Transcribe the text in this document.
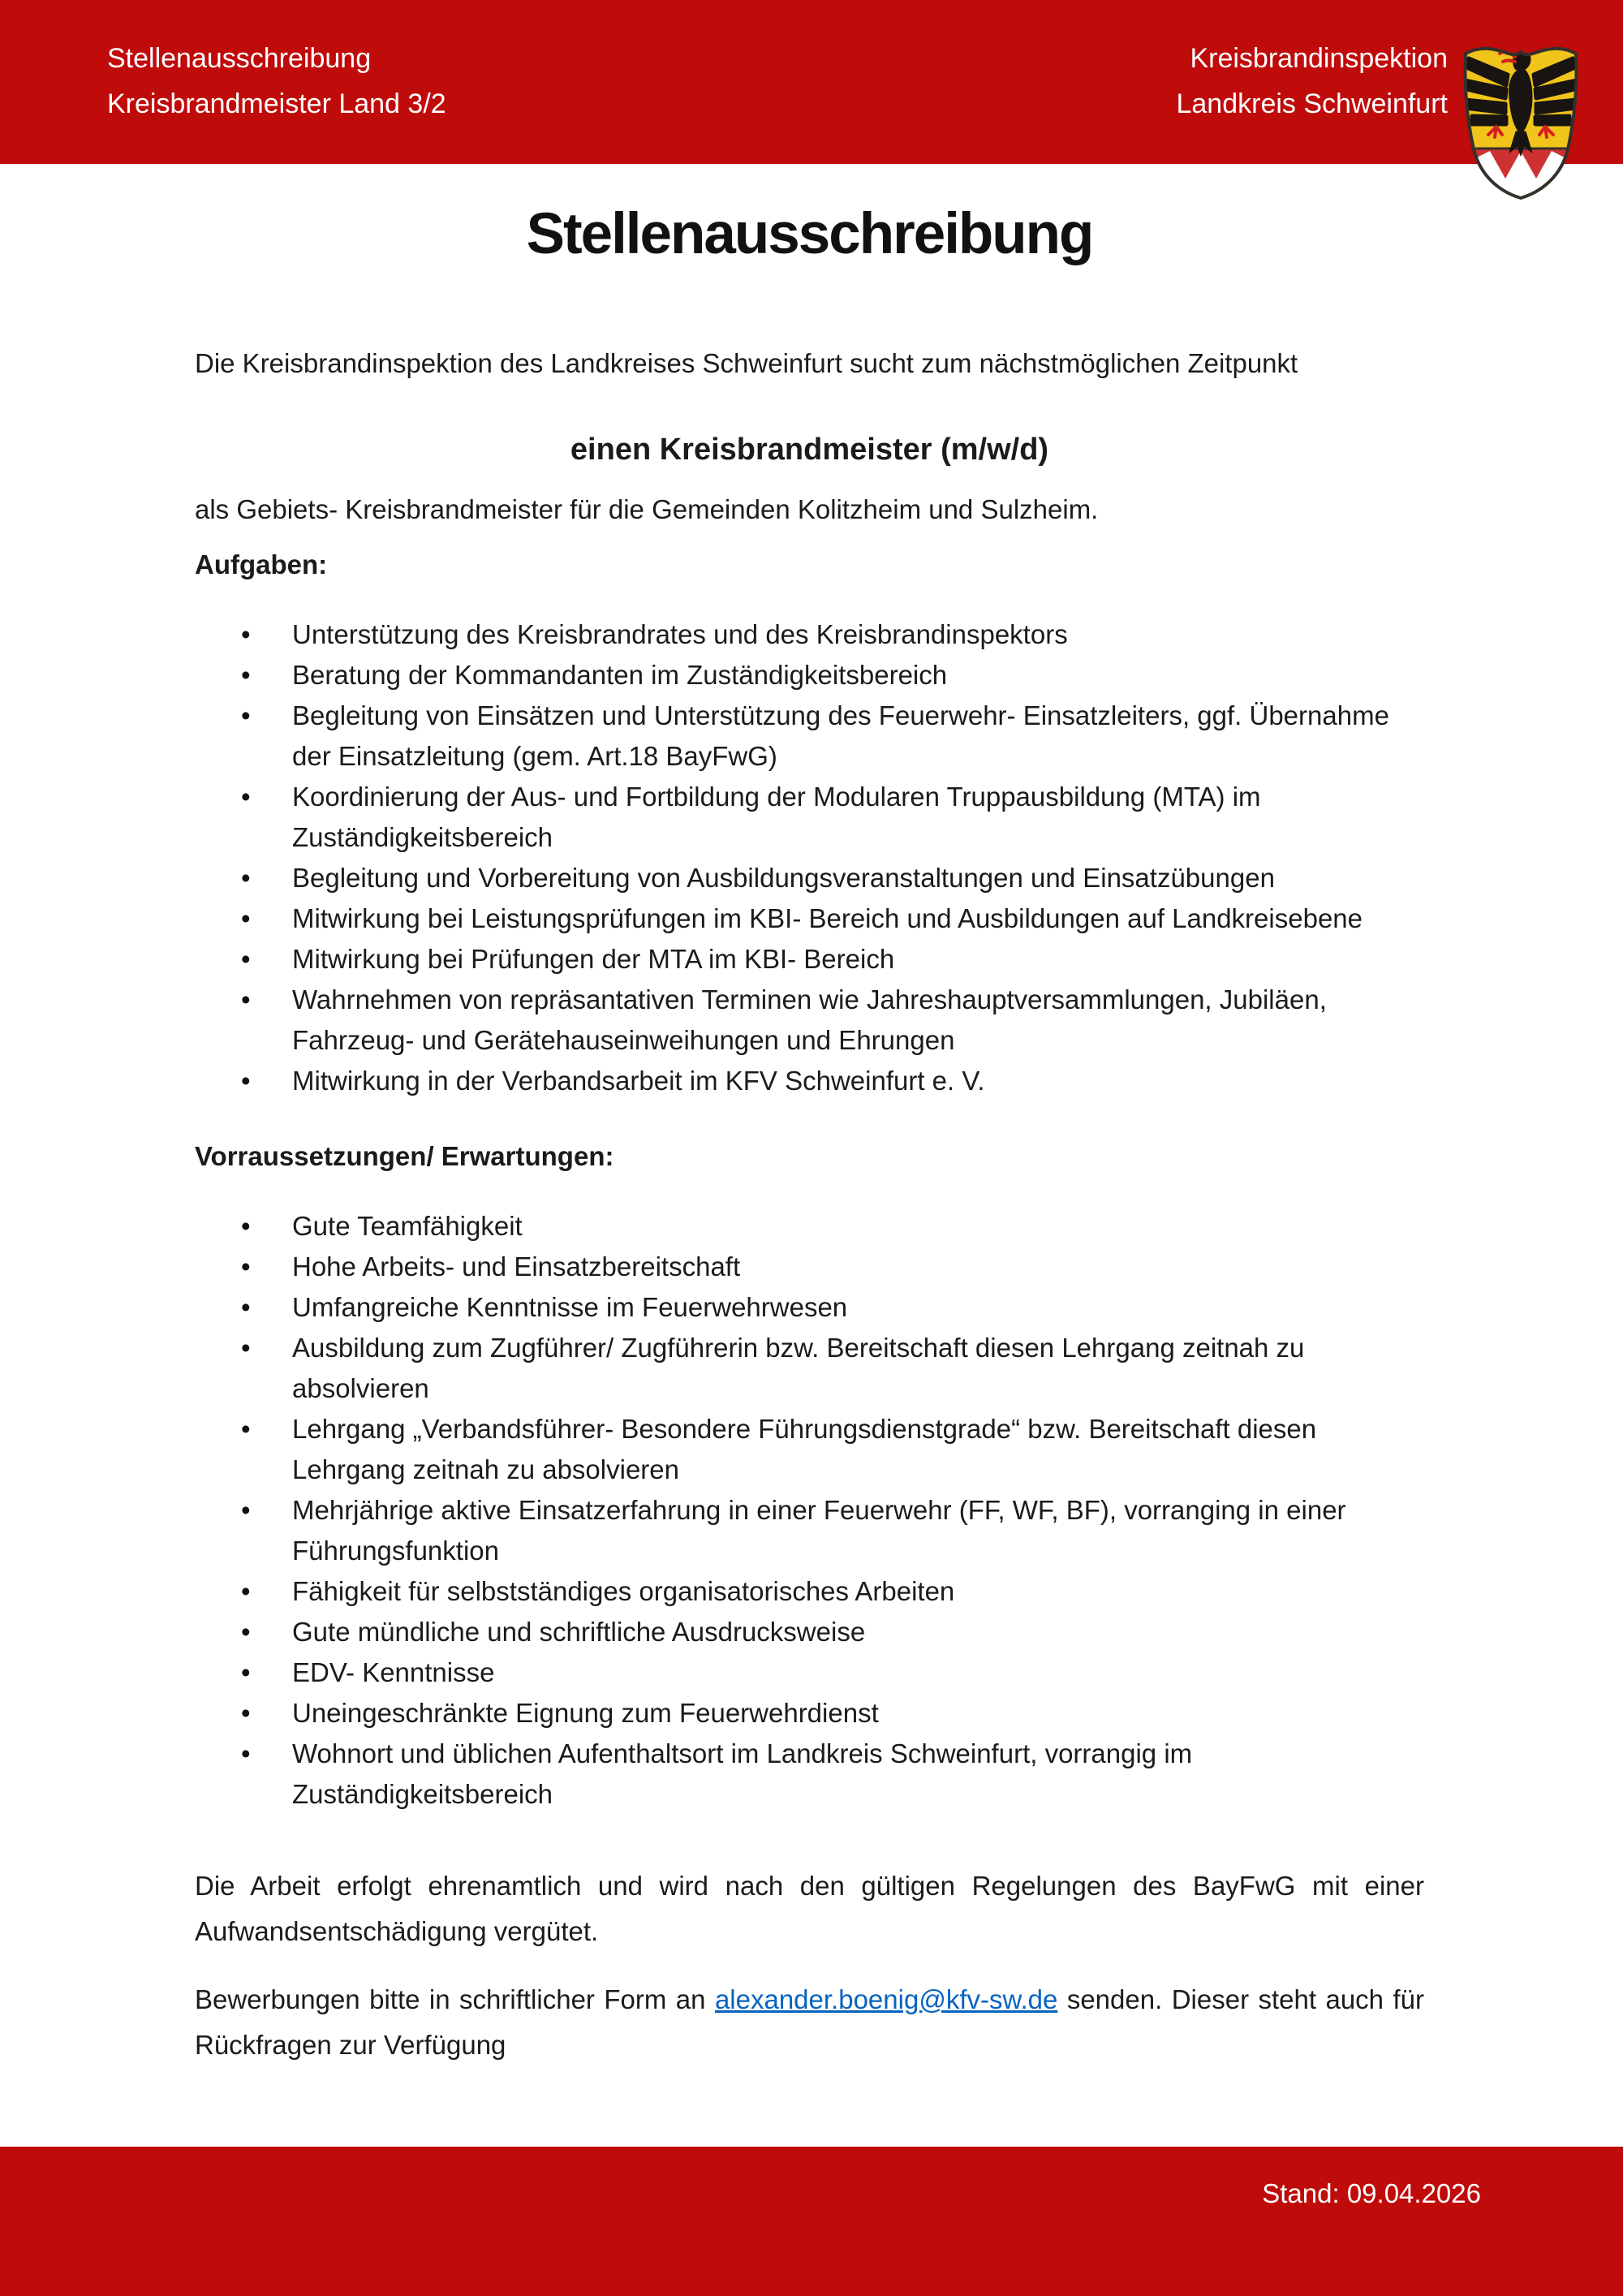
Stellenausschreibung
Kreisbrandmeister Land 3/2
Kreisbrandinspektion
Landkreis Schweinfurt
Stellenausschreibung

Die Kreisbrandinspektion des Landkreises Schweinfurt sucht zum nächstmöglichen Zeitpunkt

einen Kreisbrandmeister (m/w/d)

als Gebiets- Kreisbrandmeister für die Gemeinden Kolitzheim und Sulzheim.

Aufgaben:

• Unterstützung des Kreisbrandrates und des Kreisbrandinspektors
• Beratung der Kommandanten im Zuständigkeitsbereich
• Begleitung von Einsätzen und Unterstützung des Feuerwehr- Einsatzleiters, ggf. Übernahme der Einsatzleitung (gem. Art.18 BayFwG)
• Koordinierung der Aus- und Fortbildung der Modularen Truppausbildung (MTA) im Zuständigkeitsbereich
• Begleitung und Vorbereitung von Ausbildungsveranstaltungen und Einsatzübungen
• Mitwirkung bei Leistungsprüfungen im KBI- Bereich und Ausbildungen auf Landkreisebene
• Mitwirkung bei Prüfungen der MTA im KBI- Bereich
• Wahrnehmen von repräsantativen Terminen wie Jahreshauptversammlungen, Jubiläen, Fahrzeug- und Gerätehauseinweihungen und Ehrungen
• Mitwirkung in der Verbandsarbeit im KFV Schweinfurt e. V.

Vorraussetzungen/ Erwartungen:

• Gute Teamfähigkeit
• Hohe Arbeits- und Einsatzbereitschaft
• Umfangreiche Kenntnisse im Feuerwehrwesen
• Ausbildung zum Zugführer/ Zugführerin bzw. Bereitschaft diesen Lehrgang zeitnah zu absolvieren
• Lehrgang „Verbandsführer- Besondere Führungsdienstgrade“ bzw. Bereitschaft diesen Lehrgang zeitnah zu absolvieren
• Mehrjährige aktive Einsatzerfahrung in einer Feuerwehr (FF, WF, BF), vorranging in einer Führungsfunktion
• Fähigkeit für selbstständiges organisatorisches Arbeiten
• Gute mündliche und schriftliche Ausdrucksweise
• EDV- Kenntnisse
• Uneingeschränkte Eignung zum Feuerwehrdienst
• Wohnort und üblichen Aufenthaltsort im Landkreis Schweinfurt, vorrangig im Zuständigkeitsbereich

Die Arbeit erfolgt ehrenamtlich und wird nach den gültigen Regelungen des BayFwG mit einer Aufwandsentschädigung vergütet.

Bewerbungen bitte in schriftlicher Form an alexander.boenig@kfv-sw.de senden. Dieser steht auch für Rückfragen zur Verfügung

Stand: 09.04.2026
